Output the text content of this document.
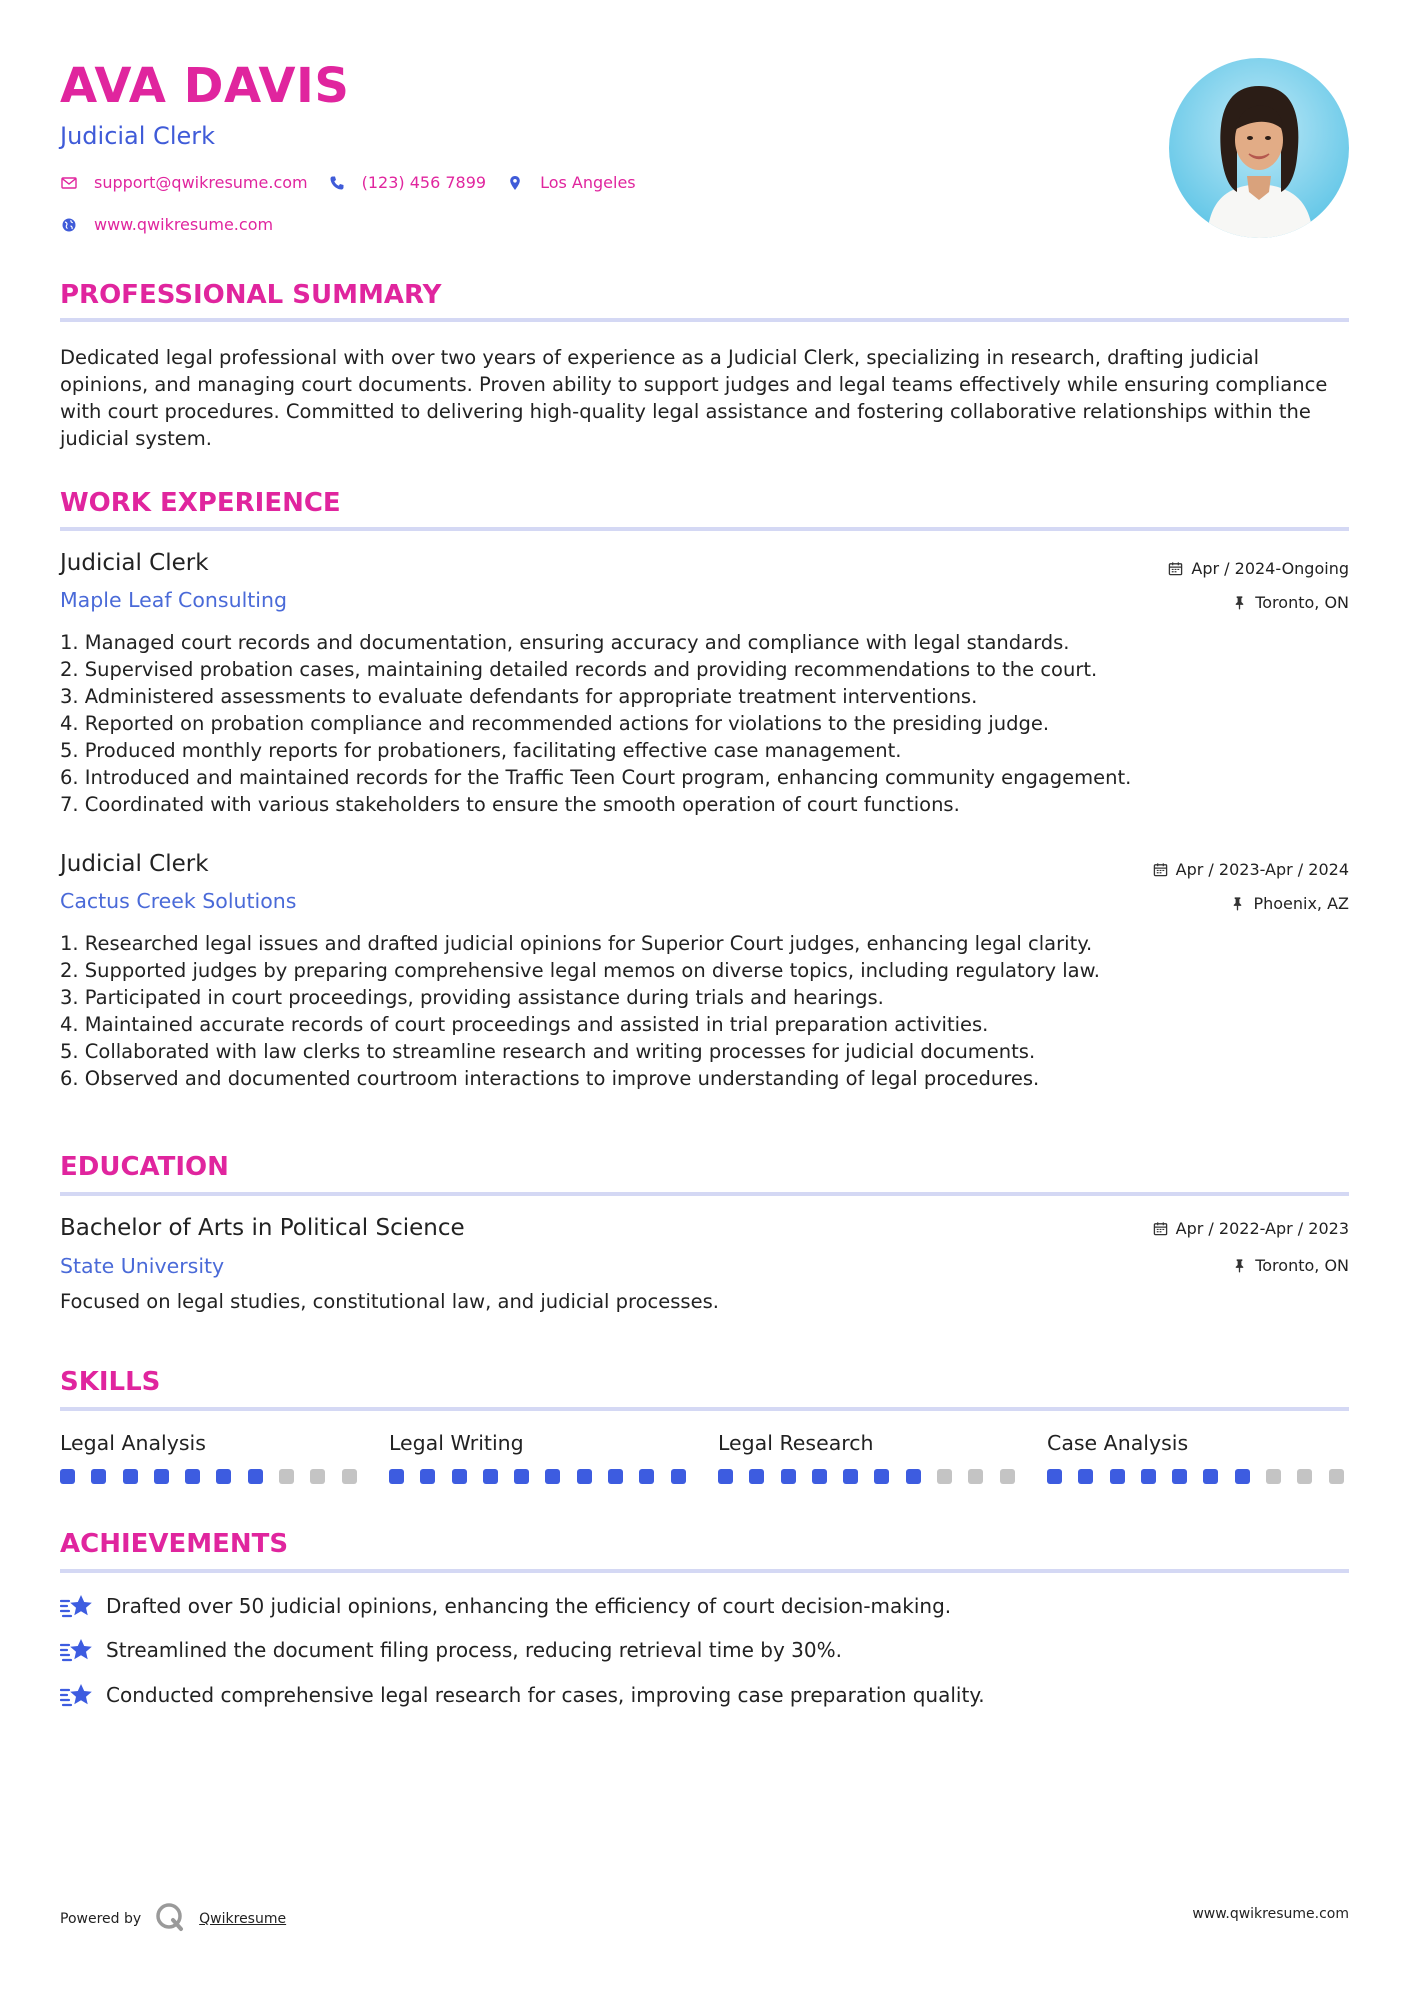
AVA DAVIS
Judicial Clerk
support@qwikresume.com	(123) 456 7899	Los Angeles
www.qwikresume.com
PROFESSIONAL SUMMARY

Dedicated legal professional with over two years of experience as a Judicial Clerk, specializing in research, drafting judicial opinions, and managing court documents. Proven ability to support judges and legal teams effectively while ensuring compliance with court procedures. Committed to delivering high-quality legal assistance and fostering collaborative relationships within the judicial system.

WORK EXPERIENCE
Judicial Clerk	Apr / 2024-Ongoing
Maple Leaf Consulting	Toronto, ON
1. Managed court records and documentation, ensuring accuracy and compliance with legal standards.
2. Supervised probation cases, maintaining detailed records and providing recommendations to the court.
3. Administered assessments to evaluate defendants for appropriate treatment interventions.
4. Reported on probation compliance and recommended actions for violations to the presiding judge.
5. Produced monthly reports for probationers, facilitating effective case management.
6. Introduced and maintained records for the Traffic Teen Court program, enhancing community engagement.
7. Coordinated with various stakeholders to ensure the smooth operation of court functions.
Judicial Clerk	Apr / 2023-Apr / 2024
Cactus Creek Solutions	Phoenix, AZ
1. Researched legal issues and drafted judicial opinions for Superior Court judges, enhancing legal clarity.
2. Supported judges by preparing comprehensive legal memos on diverse topics, including regulatory law.
3. Participated in court proceedings, providing assistance during trials and hearings.
4. Maintained accurate records of court proceedings and assisted in trial preparation activities.
5. Collaborated with law clerks to streamline research and writing processes for judicial documents.
6. Observed and documented courtroom interactions to improve understanding of legal procedures.
EDUCATION
Bachelor of Arts in Political Science	Apr / 2022-Apr / 2023
State University	Toronto, ON
Focused on legal studies, constitutional law, and judicial processes.
SKILLS
Legal Analysis	Legal Writing	Legal Research	Case Analysis
ACHIEVEMENTS
Drafted over 50 judicial opinions, enhancing the efficiency of court decision-making.
Streamlined the document filing process, reducing retrieval time by 30%.
Conducted comprehensive legal research for cases, improving case preparation quality.
Powered by	Qwikresume	www.qwikresume.com
